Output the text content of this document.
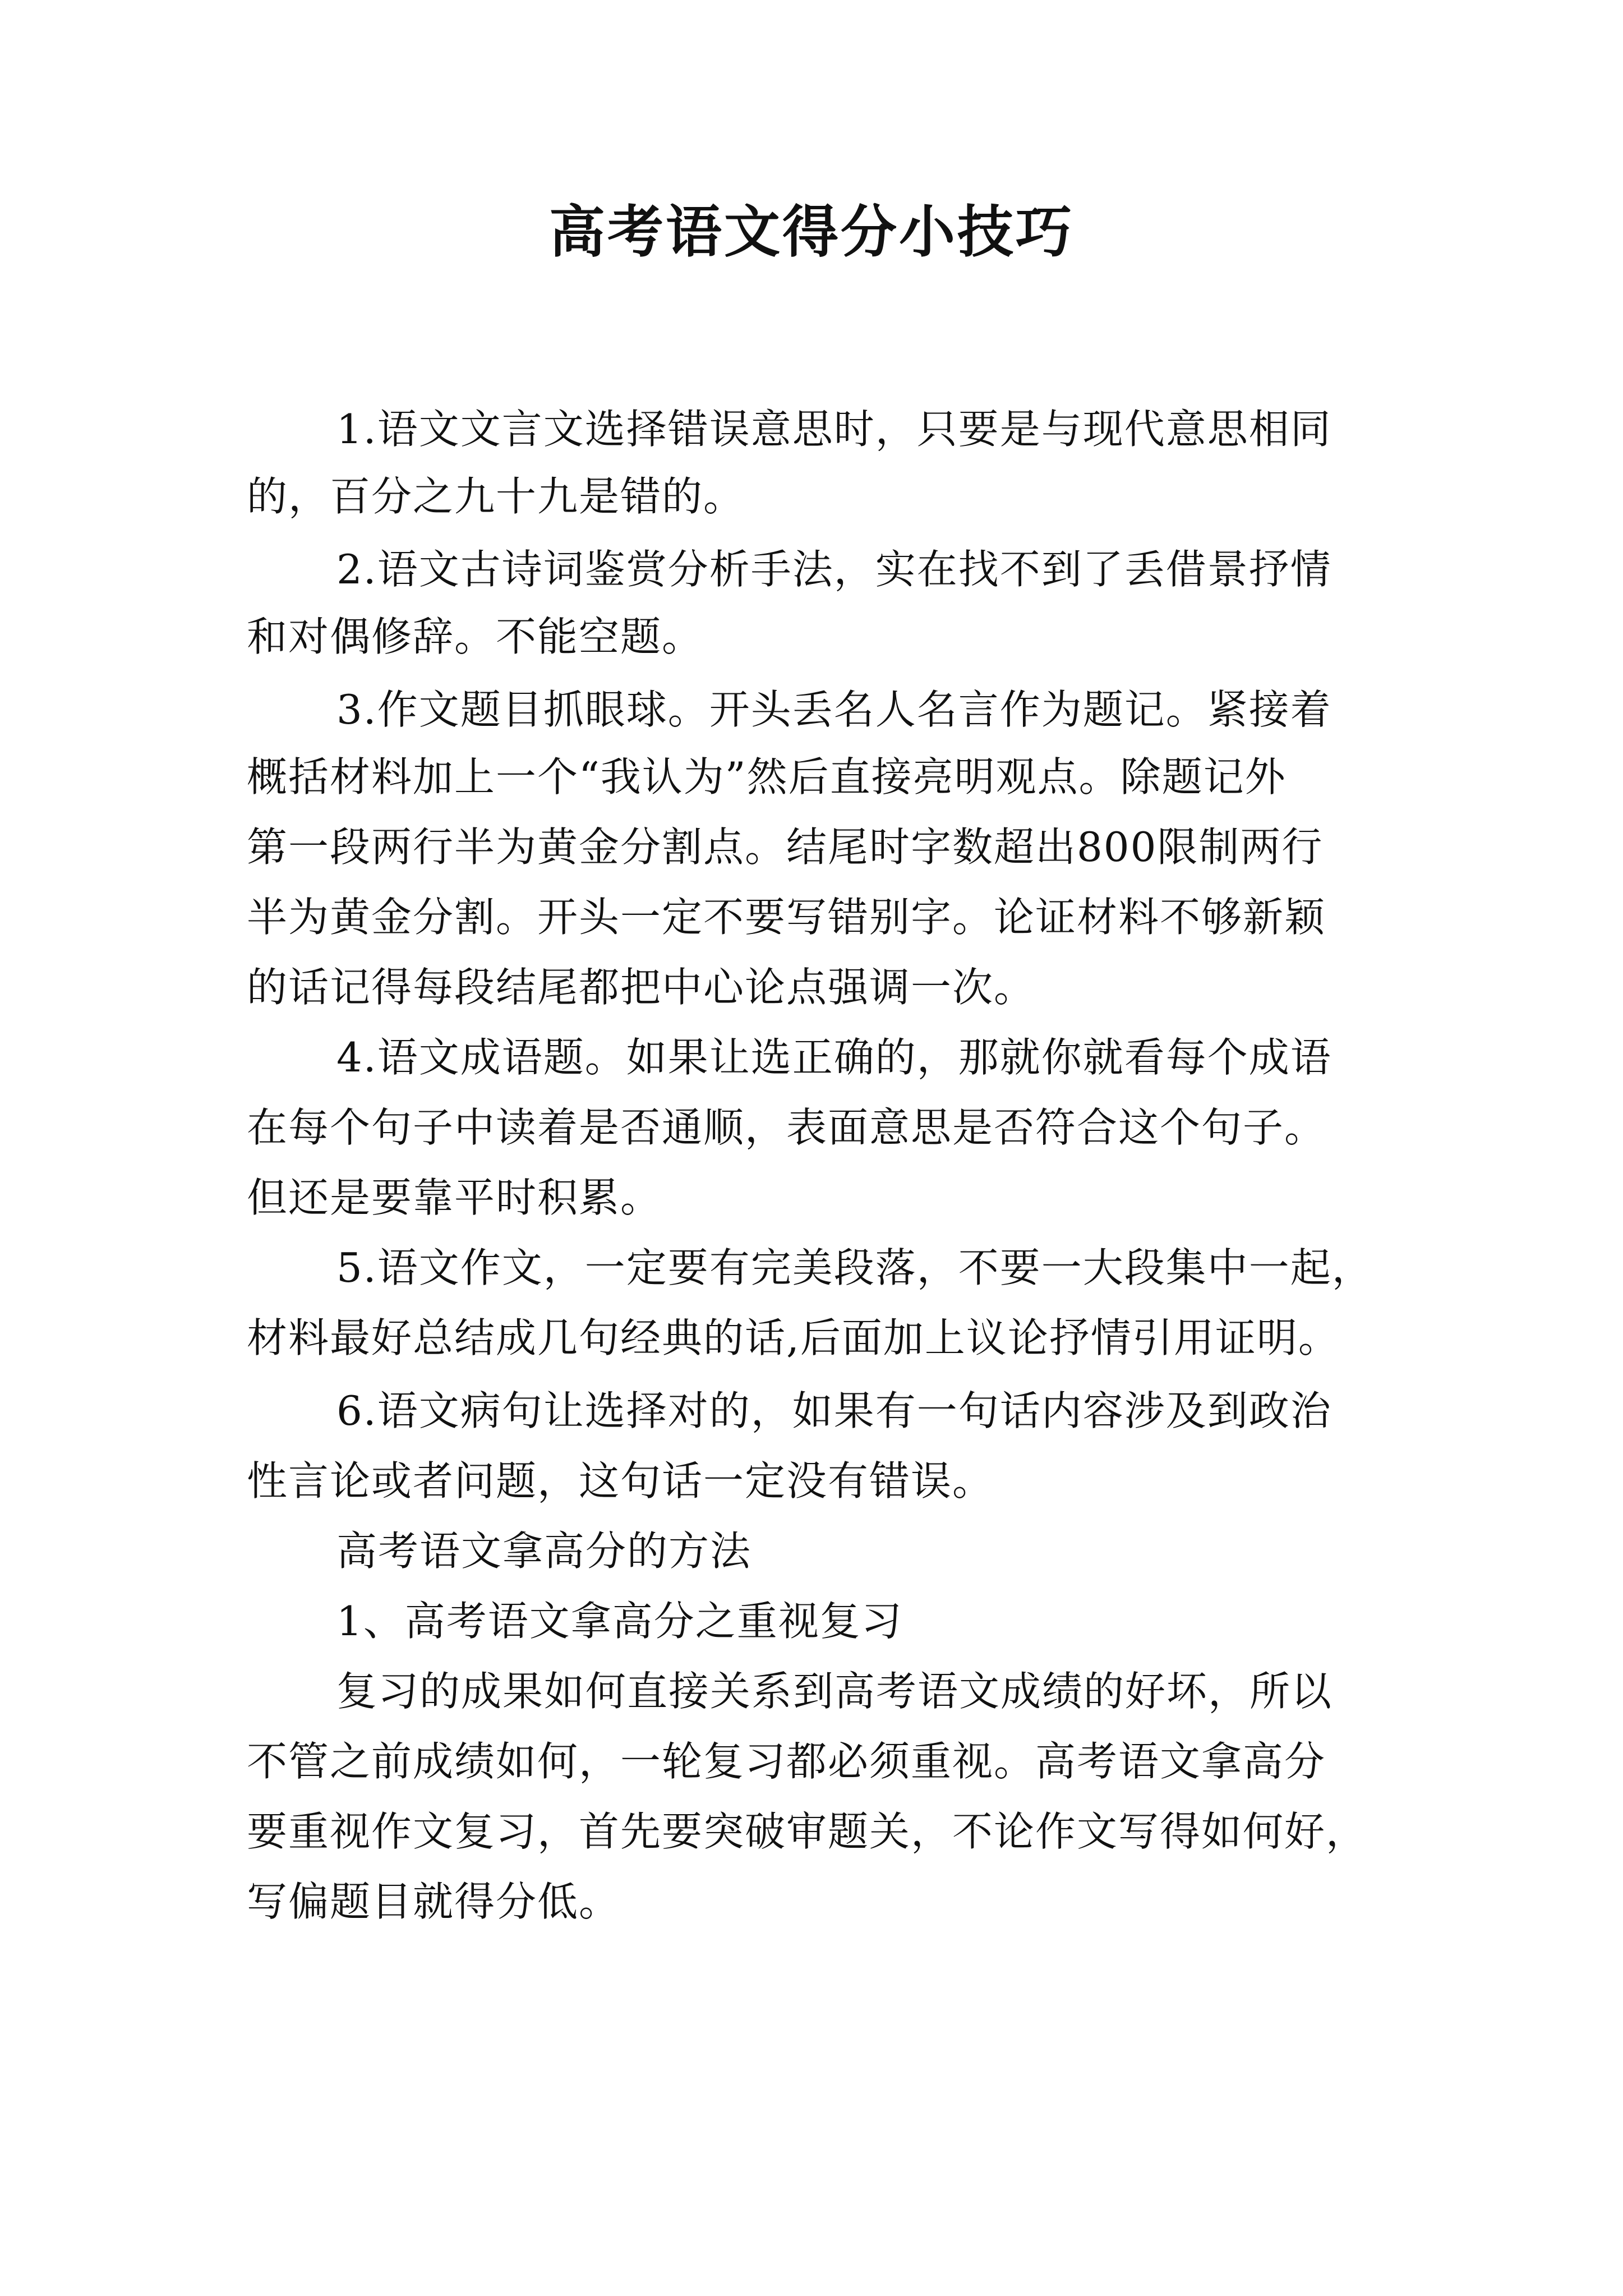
高考语文得分小技巧
1.语文文言文选择错误意思时，只要是与现代意思相同
的，百分之九十九是错的。
2.语文古诗词鉴赏分析手法，实在找不到了丢借景抒情
和对偶修辞。不能空题。
3.作文题目抓眼球。开头丢名人名言作为题记。紧接着
概括材料加上一个“我认为”然后直接亮明观点。除题记外
第一段两行半为黄金分割点。结尾时字数超出800限制两行
半为黄金分割。开头一定不要写错别字。论证材料不够新颖
的话记得每段结尾都把中心论点强调一次。
4.语文成语题。如果让选正确的，那就你就看每个成语
在每个句子中读着是否通顺，表面意思是否符合这个句子。
但还是要靠平时积累。
5.语文作文，一定要有完美段落，不要一大段集中一起，
材料最好总结成几句经典的话,后面加上议论抒情引用证明。
6.语文病句让选择对的，如果有一句话内容涉及到政治
性言论或者问题，这句话一定没有错误。
高考语文拿高分的方法
1、高考语文拿高分之重视复习
复习的成果如何直接关系到高考语文成绩的好坏，所以
不管之前成绩如何，一轮复习都必须重视。高考语文拿高分
要重视作文复习，首先要突破审题关，不论作文写得如何好，
写偏题目就得分低。
